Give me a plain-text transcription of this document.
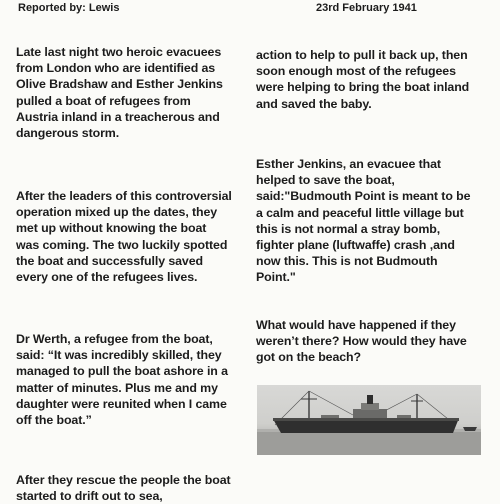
Reported by: Lewis	23rd February 1941

Late last night two heroic evacuees from London who are identified as Olive Bradshaw and Esther Jenkins pulled a boat of refugees from Austria inland in a treacherous and dangerous storm.

After the leaders of this controversial operation mixed up the dates, they met up without knowing the boat was coming. The two luckily spotted the boat and successfully saved every one of the refugees lives.

Dr Werth, a refugee from the boat, said: “It was incredibly skilled, they managed to pull the boat ashore in a matter of minutes. Plus me and my daughter were reunited when I came off the boat.”

After they rescue the people the boat started to drift out to sea,

action to help to pull it back up, then soon enough most of the refugees were helping to bring the boat inland and saved the baby.

Esther Jenkins, an evacuee that helped to save the boat, said:"Budmouth Point is meant to be a calm and peaceful little village but this is not normal a stray bomb, fighter plane (luftwaffe) crash ,and now this. This is not Budmouth Point."

What would have happened if they weren’t there? How would they have got on the beach?
